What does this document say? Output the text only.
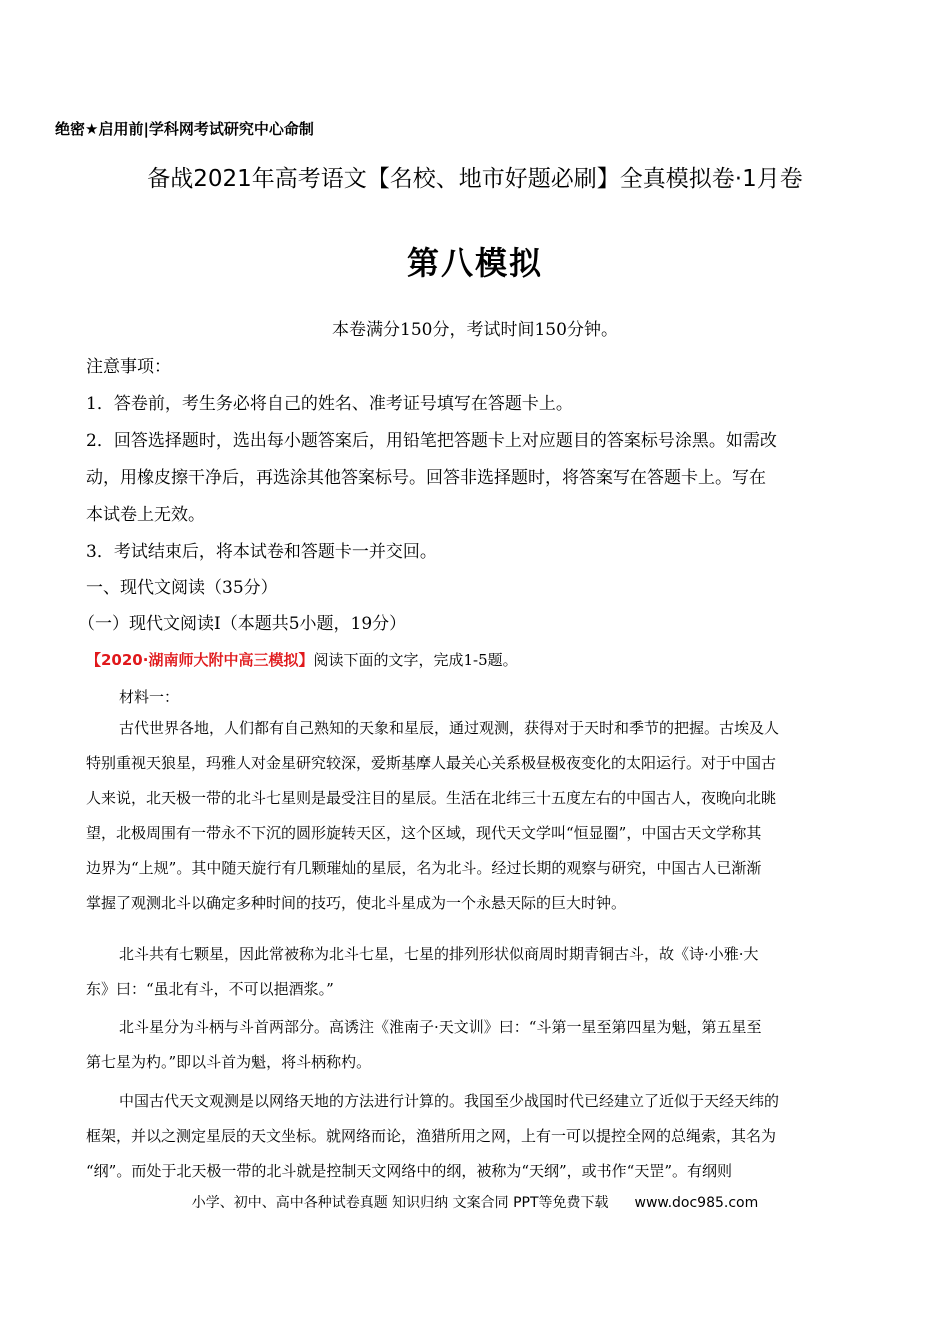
绝密★启用前|学科网考试研究中心命制
备战2021年高考语文【名校、地市好题必刷】全真模拟卷·1月卷
第八模拟
本卷满分150分，考试时间150分钟。
注意事项：
1．答卷前，考生务必将自己的姓名、准考证号填写在答题卡上。
2．回答选择题时，选出每小题答案后，用铅笔把答题卡上对应题目的答案标号涂黑。如需改
动，用橡皮擦干净后，再选涂其他答案标号。回答非选择题时，将答案写在答题卡上。写在
本试卷上无效。
3．考试结束后，将本试卷和答题卡一并交回。
一、现代文阅读（35分）
（一）现代文阅读Ⅰ（本题共5小题，19分）
【2020·湖南师大附中高三模拟】阅读下面的文字，完成1-5题。
材料一：
古代世界各地，人们都有自己熟知的天象和星辰，通过观测，获得对于天时和季节的把握。古埃及人
特别重视天狼星，玛雅人对金星研究较深，爱斯基摩人最关心关系极昼极夜变化的太阳运行。对于中国古
人来说，北天极一带的北斗七星则是最受注目的星辰。生活在北纬三十五度左右的中国古人，夜晚向北眺
望，北极周围有一带永不下沉的圆形旋转天区，这个区域，现代天文学叫“恒显圈”，中国古天文学称其
边界为“上规”。其中随天旋行有几颗璀灿的星辰，名为北斗。经过长期的观察与研究，中国古人已渐渐
掌握了观测北斗以确定多种时间的技巧，使北斗星成为一个永悬天际的巨大时钟。
北斗共有七颗星，因此常被称为北斗七星，七星的排列形状似商周时期青铜古斗，故《诗·小雅·大
东》曰：“虽北有斗，不可以挹酒浆。”
北斗星分为斗柄与斗首两部分。高诱注《淮南子·天文训》曰：“斗第一星至第四星为魁，第五星至
第七星为杓。”即以斗首为魁，将斗柄称杓。
中国古代天文观测是以网络天地的方法进行计算的。我国至少战国时代已经建立了近似于天经天纬的
框架，并以之测定星辰的天文坐标。就网络而论，渔猎所用之网，上有一可以提控全网的总绳索，其名为
“纲”。而处于北天极一带的北斗就是控制天文网络中的纲，被称为“天纲”，或书作“天罡”。有纲则
小学、初中、高中各种试卷真题 知识归纳 文案合同 PPT等免费下载 www.doc985.com
